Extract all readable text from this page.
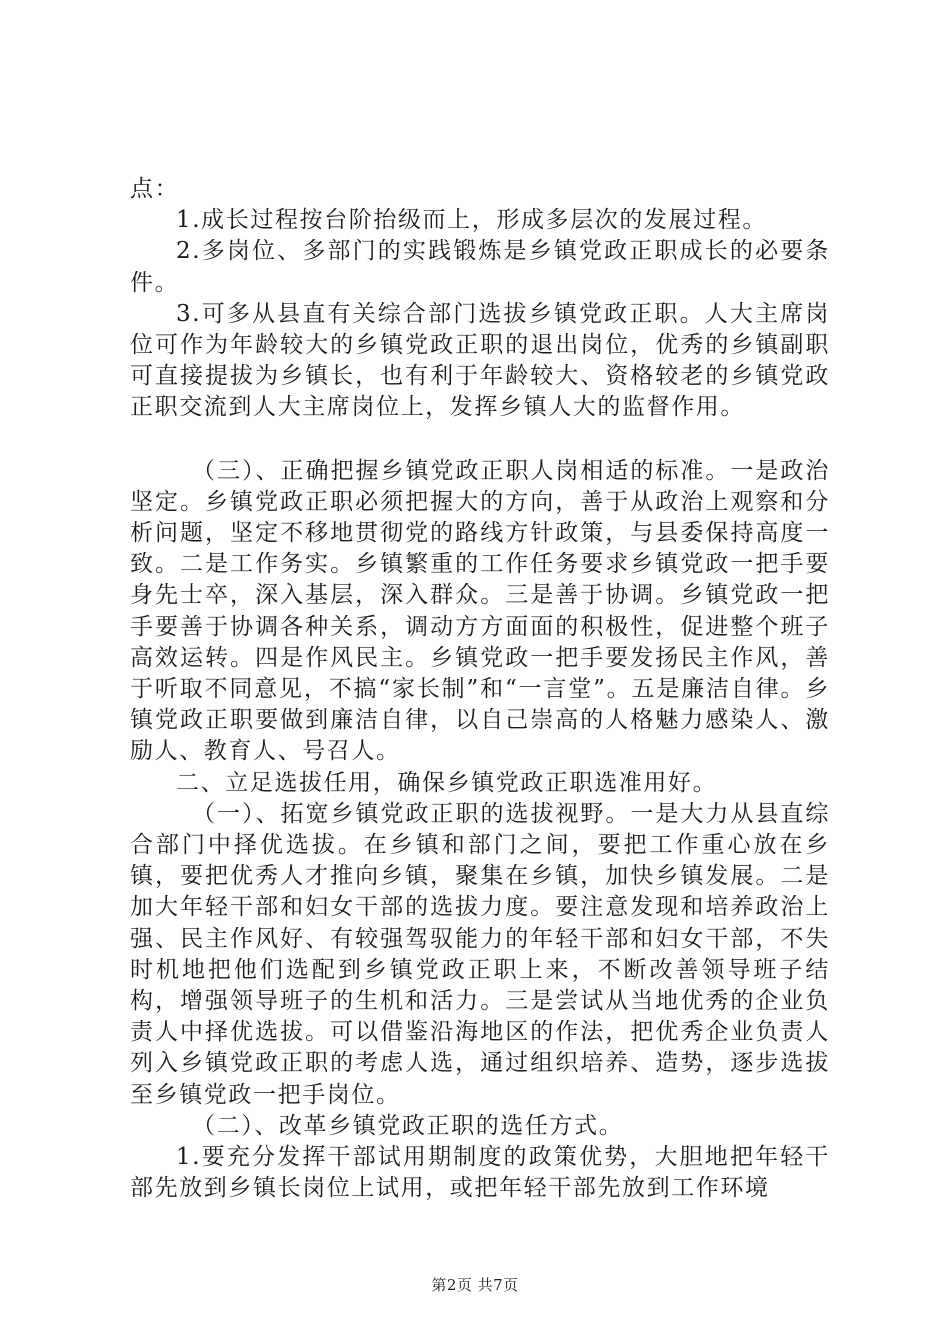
点：

1.成长过程按台阶抬级而上，形成多层次的发展过程。

2.多岗位、多部门的实践锻炼是乡镇党政正职成长的必要条件。

3.可多从县直有关综合部门选拔乡镇党政正职。人大主席岗位可作为年龄较大的乡镇党政正职的退出岗位，优秀的乡镇副职可直接提拔为乡镇长，也有利于年龄较大、资格较老的乡镇党政正职交流到人大主席岗位上，发挥乡镇人大的监督作用。

（三）、正确把握乡镇党政正职人岗相适的标准。一是政治坚定。乡镇党政正职必须把握大的方向，善于从政治上观察和分析问题，坚定不移地贯彻党的路线方针政策，与县委保持高度一致。二是工作务实。乡镇繁重的工作任务要求乡镇党政一把手要身先士卒，深入基层，深入群众。三是善于协调。乡镇党政一把手要善于协调各种关系，调动方方面面的积极性，促进整个班子高效运转。四是作风民主。乡镇党政一把手要发扬民主作风，善于听取不同意见，不搞“家长制”和“一言堂”。五是廉洁自律。乡镇党政正职要做到廉洁自律，以自己崇高的人格魅力感染人、激励人、教育人、号召人。

二、立足选拔任用，确保乡镇党政正职选准用好。

（一）、拓宽乡镇党政正职的选拔视野。一是大力从县直综合部门中择优选拔。在乡镇和部门之间，要把工作重心放在乡镇，要把优秀人才推向乡镇，聚集在乡镇，加快乡镇发展。二是加大年轻干部和妇女干部的选拔力度。要注意发现和培养政治上强、民主作风好、有较强驾驭能力的年轻干部和妇女干部，不失时机地把他们选配到乡镇党政正职上来，不断改善领导班子结构，增强领导班子的生机和活力。三是尝试从当地优秀的企业负责人中择优选拔。可以借鉴沿海地区的作法，把优秀企业负责人列入乡镇党政正职的考虑人选，通过组织培养、造势，逐步选拔至乡镇党政一把手岗位。

（二）、改革乡镇党政正职的选任方式。

1.要充分发挥干部试用期制度的政策优势，大胆地把年轻干部先放到乡镇长岗位上试用，或把年轻干部先放到工作环境

第2页 共7页
